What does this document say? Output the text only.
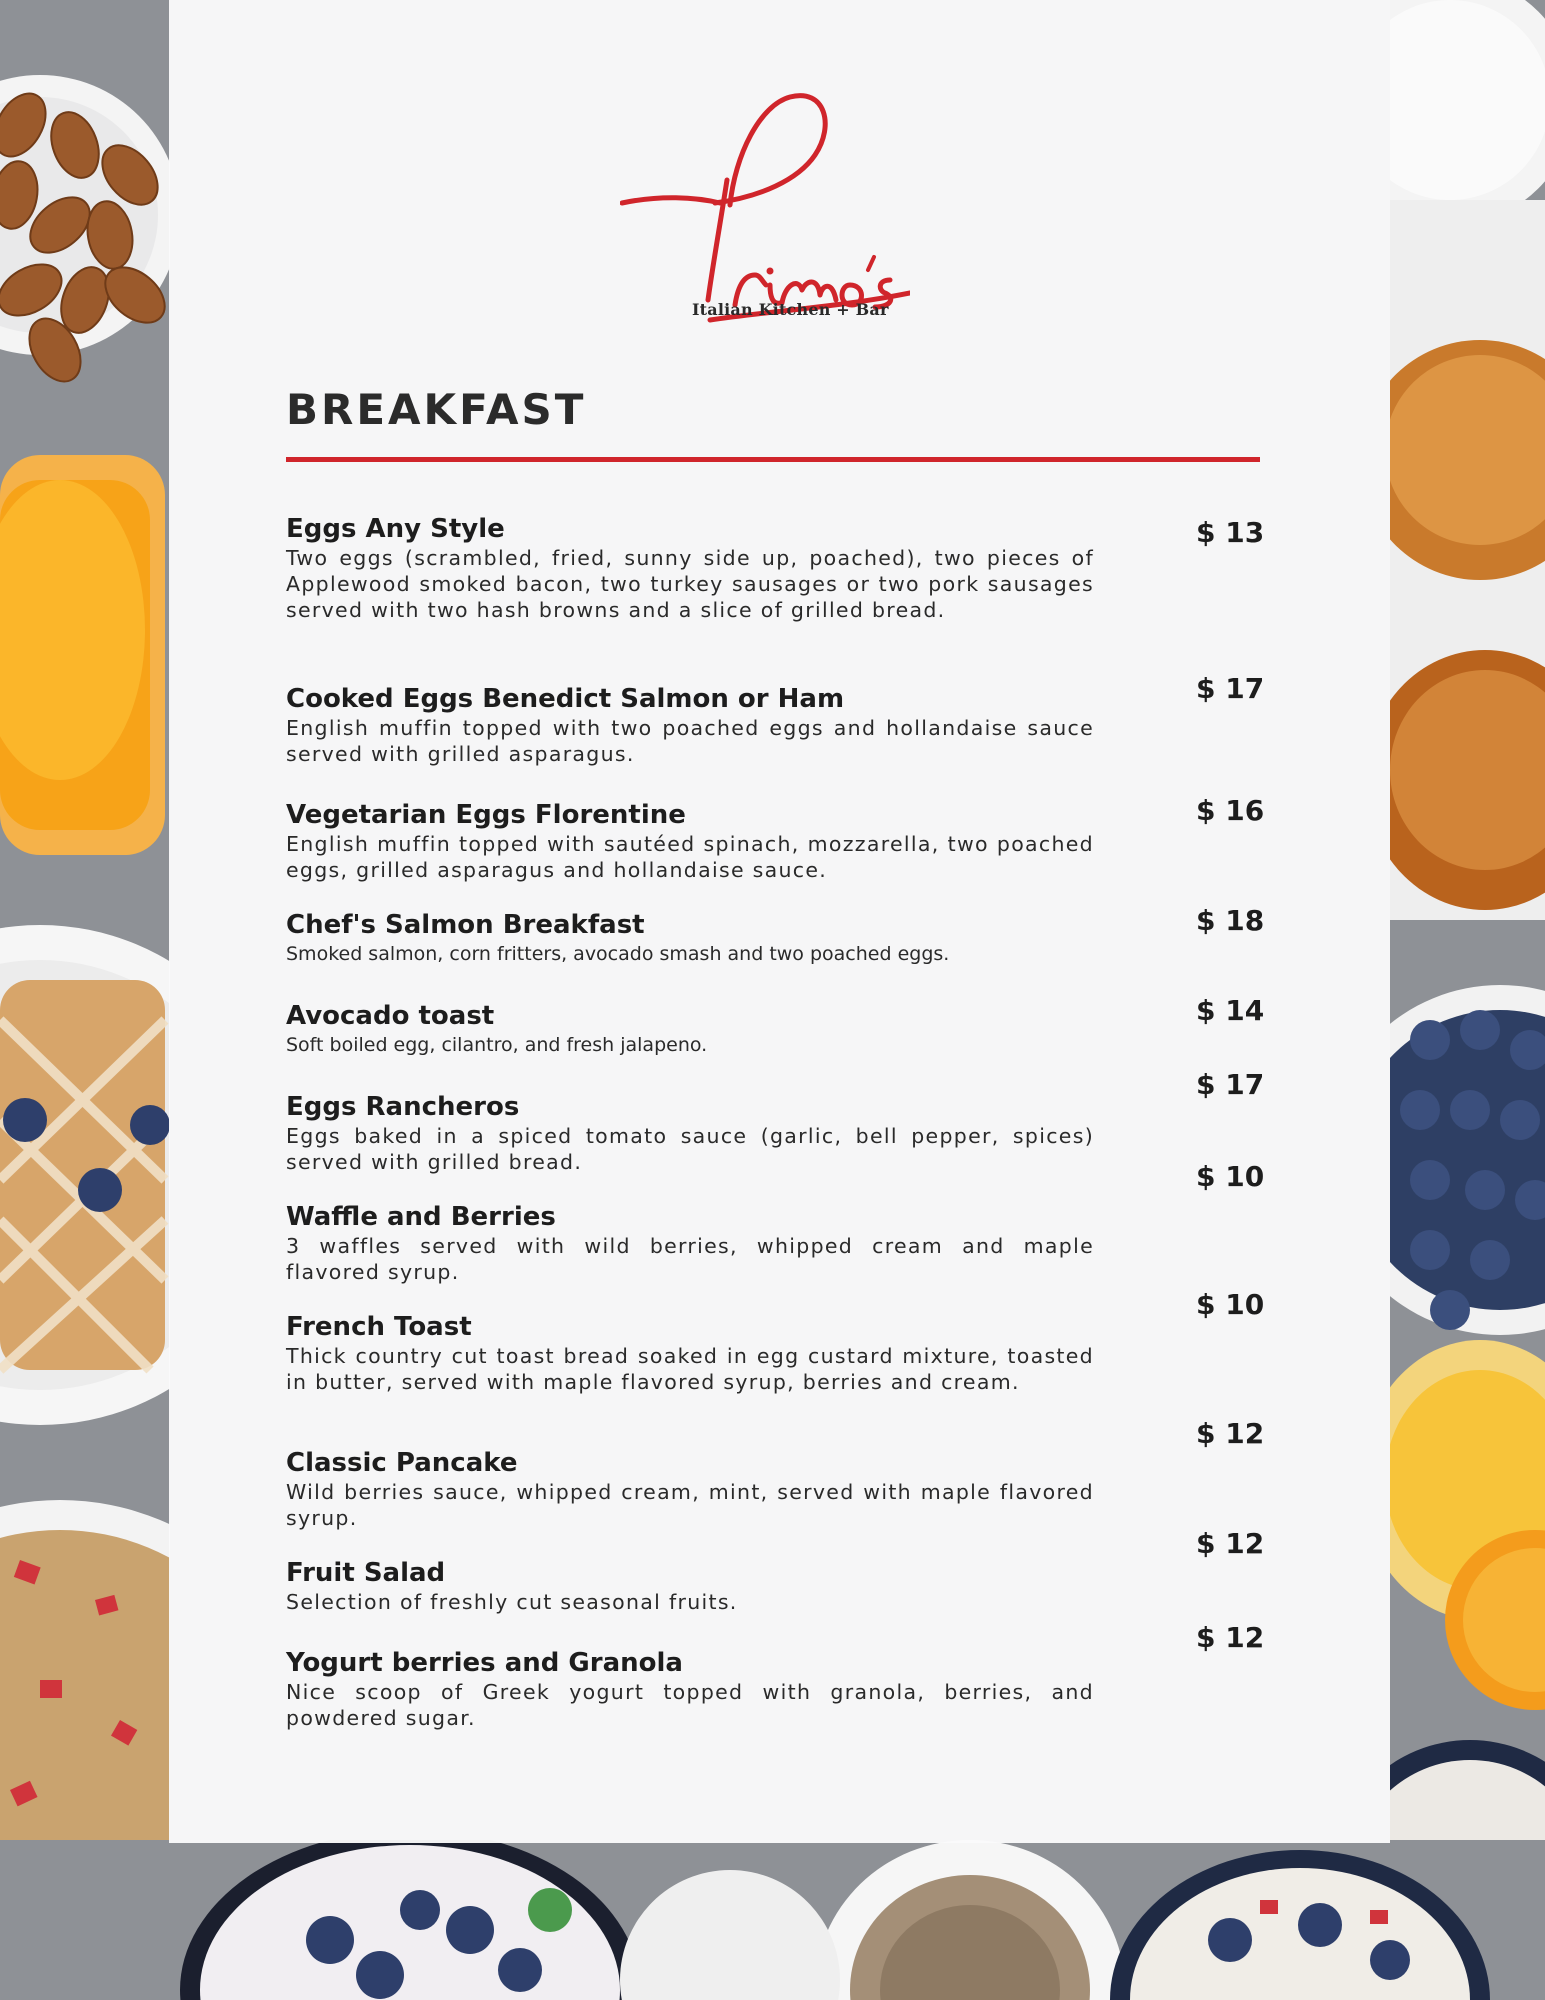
Italian Kitchen + Bar
BREAKFAST
Eggs Any Style
Two eggs (scrambled, fried, sunny side up, poached), two pieces of Applewood smoked bacon, two turkey sausages or two pork sausages served with two hash browns and a slice of grilled bread.
$ 13
Cooked Eggs Benedict Salmon or Ham
English muffin topped with two poached eggs and hollandaise sauce served with grilled asparagus.
$ 17
Vegetarian Eggs Florentine
English muffin topped with sautéed spinach, mozzarella, two poached eggs, grilled asparagus and hollandaise sauce.
$ 16
Chef's Salmon Breakfast
Smoked salmon, corn fritters, avocado smash and two poached eggs.
$ 18
Avocado toast
Soft boiled egg, cilantro, and fresh jalapeno.
$ 14
Eggs Rancheros
Eggs baked in a spiced tomato sauce (garlic, bell pepper, spices) served with grilled bread.
$ 17
Waffle and Berries
3 waffles served with wild berries, whipped cream and maple flavored syrup.
$ 10
French Toast
Thick country cut toast bread soaked in egg custard mixture, toasted in butter, served with maple flavored syrup, berries and cream.
$ 10
Classic Pancake
Wild berries sauce, whipped cream, mint, served with maple flavored syrup.
$ 12
Fruit Salad
Selection of freshly cut seasonal fruits.
$ 12
Yogurt berries and Granola
Nice scoop of Greek yogurt topped with granola, berries, and powdered sugar.
$ 12
